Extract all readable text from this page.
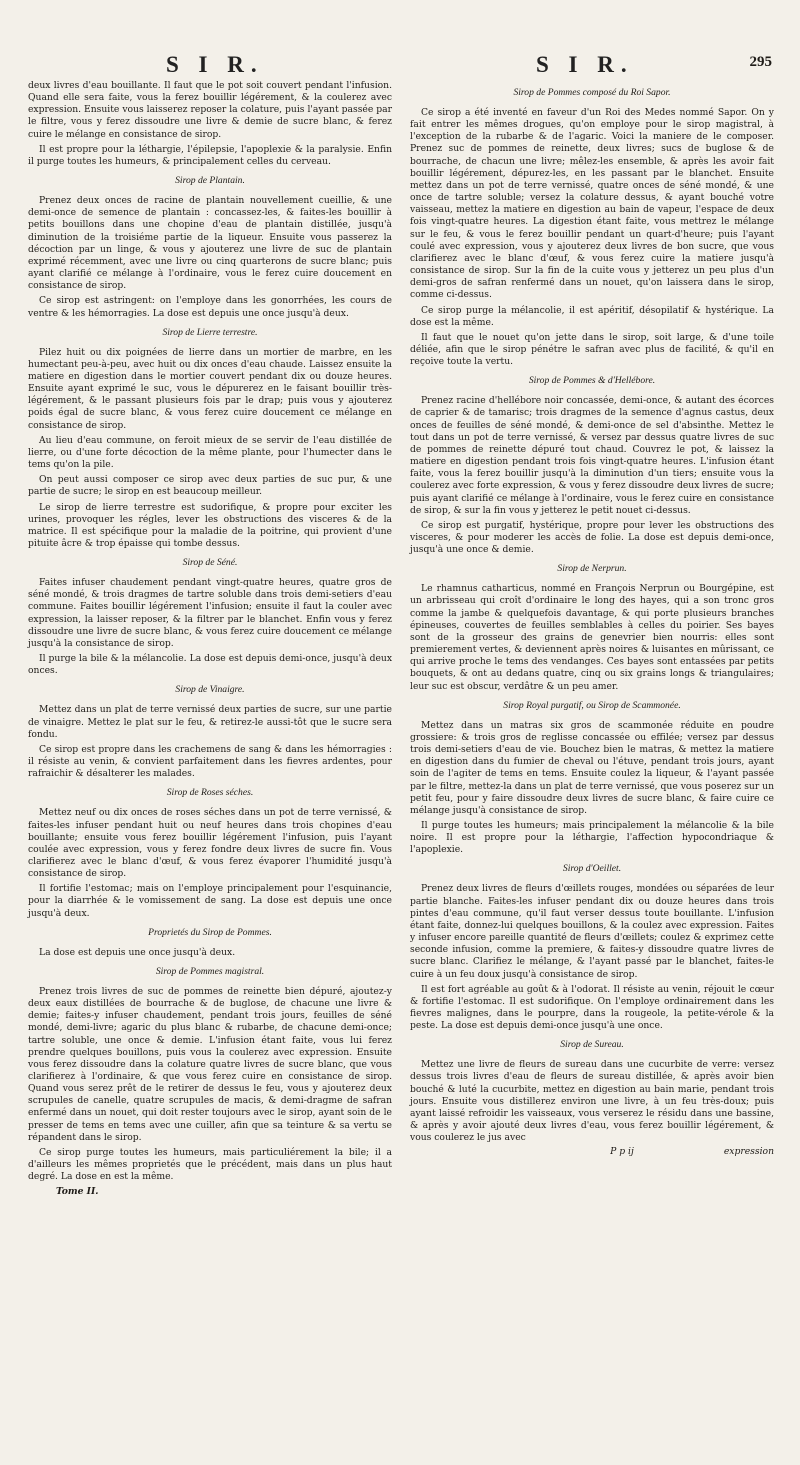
S I R.	S I R.	295

deux livres d'eau bouillante. Il faut que le pot soit couvert pendant l'infusion. Quand elle sera faite, vous la ferez bouillir légérement, & la coulerez avec expression. Ensuite vous laisserez reposer la colature, puis l'ayant passée par le filtre, vous y ferez dissoudre une livre & demie de sucre blanc, & ferez cuire le mélange en consistance de sirop.

Il est propre pour la léthargie, l'épilepsie, l'apoplexie & la paralysie. Enfin il purge toutes les humeurs, & principalement celles du cerveau.

Sirop de Plantain.

Prenez deux onces de racine de plantain nouvellement cueillie, & une demi-once de semence de plantain : concassez-les, & faites-les bouillir à petits bouillons dans une chopine d'eau de plantain distillée, jusqu'à diminution de la troisiéme partie de la liqueur. Ensuite vous passerez la décoction par un linge, & vous y ajouterez une livre de suc de plantain exprimé récemment, avec une livre ou cinq quarterons de sucre blanc; puis ayant clarifié ce mélange à l'ordinaire, vous le ferez cuire doucement en consistance de sirop.

Ce sirop est astringent: on l'employe dans les gonorrhées, les cours de ventre & les hémorragies. La dose est depuis une once jusqu'à deux.

Sirop de Lierre terrestre.

Pilez huit ou dix poignées de lierre dans un mortier de marbre, en les humectant peu-à-peu, avec huit ou dix onces d'eau chaude. Laissez ensuite la matiere en digestion dans le mortier couvert pendant dix ou douze heures. Ensuite ayant exprimé le suc, vous le dépurerez en le faisant bouillir très-légérement, & le passant plusieurs fois par le drap; puis vous y ajouterez poids égal de sucre blanc, & vous ferez cuire doucement ce mélange en consistance de sirop.

Au lieu d'eau commune, on feroit mieux de se servir de l'eau distillée de lierre, ou d'une forte décoction de la même plante, pour l'humecter dans le tems qu'on la pile.

On peut aussi composer ce sirop avec deux parties de suc pur, & une partie de sucre; le sirop en est beaucoup meilleur.

Le sirop de lierre terrestre est sudorifique, & propre pour exciter les urines, provoquer les régles, lever les obstructions des visceres & de la matrice. Il est spécifique pour la maladie de la poitrine, qui provient d'une pituite âcre & trop épaisse qui tombe dessus.

Sirop de Séné.

Faites infuser chaudement pendant vingt-quatre heures, quatre gros de séné mondé, & trois dragmes de tartre soluble dans trois demi-setiers d'eau commune. Faites bouillir légérement l'infusion; ensuite il faut la couler avec expression, la laisser reposer, & la filtrer par le blanchet. Enfin vous y ferez dissoudre une livre de sucre blanc, & vous ferez cuire doucement ce mélange jusqu'à la consistance de sirop.

Il purge la bile & la mélancolie. La dose est depuis demi-once, jusqu'à deux onces.

Sirop de Vinaigre.

Mettez dans un plat de terre vernissé deux parties de sucre, sur une partie de vinaigre. Mettez le plat sur le feu, & retirez-le aussi-tôt que le sucre sera fondu.

Ce sirop est propre dans les crachemens de sang & dans les hémorragies : il résiste au venin, & convient parfaitement dans les fievres ardentes, pour rafraichir & désalterer les malades.

Sirop de Roses séches.

Mettez neuf ou dix onces de roses séches dans un pot de terre vernissé, & faites-les infuser pendant huit ou neuf heures dans trois chopines d'eau bouillante; ensuite vous ferez bouillir légérement l'infusion, puis l'ayant coulée avec expression, vous y ferez fondre deux livres de sucre fin. Vous clarifierez avec le blanc d'œuf, & vous ferez évaporer l'humidité jusqu'à consistance de sirop.

Il fortifie l'estomac; mais on l'employe principalement pour l'esquinancie, pour la diarrhée & le vomissement de sang. La dose est depuis une once jusqu'à deux.

Proprietés du Sirop de Pommes.

La dose est depuis une once jusqu'à deux.

Sirop de Pommes magistral.

Prenez trois livres de suc de pommes de reinette bien dépuré, ajoutez-y deux eaux distillées de bourrache & de buglose, de chacune une livre & demie; faites-y infuser chaudement, pendant trois jours, feuilles de séné mondé, demi-livre; agaric du plus blanc & rubarbe, de chacune demi-once; tartre soluble, une once & demie. L'infusion étant faite, vous lui ferez prendre quelques bouillons, puis vous la coulerez avec expression. Ensuite vous ferez dissoudre dans la colature quatre livres de sucre blanc, que vous clarifierez à l'ordinaire, & que vous ferez cuire en consistance de sirop. Quand vous serez prêt de le retirer de dessus le feu, vous y ajouterez deux scrupules de canelle, quatre scrupules de macis, & demi-dragme de safran enfermé dans un nouet, qui doit rester toujours avec le sirop, ayant soin de le presser de tems en tems avec une cuiller, afin que sa teinture & sa vertu se répandent dans le sirop.

Ce sirop purge toutes les humeurs, mais particuliérement la bile; il a d'ailleurs les mêmes proprietés que le précédent, mais dans un plus haut degré. La dose en est la même.

Tome II.

Sirop de Pommes composé du Roi Sapor.

Ce sirop a été inventé en faveur d'un Roi des Medes nommé Sapor. On y fait entrer les mêmes drogues, qu'on employe pour le sirop magistral, à l'exception de la rubarbe & de l'agaric. Voici la maniere de le composer. Prenez suc de pommes de reinette, deux livres; sucs de buglose & de bourrache, de chacun une livre; mêlez-les ensemble, & après les avoir fait bouillir légérement, dépurez-les, en les passant par le blanchet. Ensuite mettez dans un pot de terre vernissé, quatre onces de séné mondé, & une once de tartre soluble; versez la colature dessus, & ayant bouché votre vaisseau, mettez la matiere en digestion au bain de vapeur, l'espace de deux fois vingt-quatre heures. La digestion étant faite, vous mettrez le mélange sur le feu, & vous le ferez bouillir pendant un quart-d'heure; puis l'ayant coulé avec expression, vous y ajouterez deux livres de bon sucre, que vous clarifierez avec le blanc d'œuf, & vous ferez cuire la matiere jusqu'à consistance de sirop. Sur la fin de la cuite vous y jetterez un peu plus d'un demi-gros de safran renfermé dans un nouet, qu'on laissera dans le sirop, comme ci-dessus.

Ce sirop purge la mélancolie, il est apéritif, désopilatif & hystérique. La dose est la même.

Il faut que le nouet qu'on jette dans le sirop, soit large, & d'une toile déliée, afin que le sirop pénétre le safran avec plus de facilité, & qu'il en reçoive toute la vertu.

Sirop de Pommes & d'Hellébore.

Prenez racine d'hellébore noir concassée, demi-once, & autant des écorces de caprier & de tamarisc; trois dragmes de la semence d'agnus castus, deux onces de feuilles de séné mondé, & demi-once de sel d'absinthe. Mettez le tout dans un pot de terre vernissé, & versez par dessus quatre livres de suc de pommes de reinette dépuré tout chaud. Couvrez le pot, & laissez la matiere en digestion pendant trois fois vingt-quatre heures. L'infusion étant faite, vous la ferez bouillir jusqu'à la diminution d'un tiers; ensuite vous la coulerez avec forte expression, & vous y ferez dissoudre deux livres de sucre; puis ayant clarifié ce mélange à l'ordinaire, vous le ferez cuire en consistance de sirop, & sur la fin vous y jetterez le petit nouet ci-dessus.

Ce sirop est purgatif, hystérique, propre pour lever les obstructions des visceres, & pour moderer les accès de folie. La dose est depuis demi-once, jusqu'à une once & demie.

Sirop de Nerprun.

Le rhamnus catharticus, nommé en François Nerprun ou Bourgépine, est un arbrisseau qui croît d'ordinaire le long des hayes, qui a son tronc gros comme la jambe & quelquefois davantage, & qui porte plusieurs branches épineuses, couvertes de feuilles semblables à celles du poirier. Ses bayes sont de la grosseur des grains de genevrier bien nourris: elles sont premierement vertes, & deviennent après noires & luisantes en mûrissant, ce qui arrive proche le tems des vendanges. Ces bayes sont entassées par petits bouquets, & ont au dedans quatre, cinq ou six grains longs & triangulaires; leur suc est obscur, verdâtre & un peu amer.

Sirop Royal purgatif, ou Sirop de Scammonée.

Mettez dans un matras six gros de scammonée réduite en poudre grossiere: & trois gros de reglisse concassée ou effilée; versez par dessus trois demi-setiers d'eau de vie. Bouchez bien le matras, & mettez la matiere en digestion dans du fumier de cheval ou l'étuve, pendant trois jours, ayant soin de l'agiter de tems en tems. Ensuite coulez la liqueur, & l'ayant passée par le filtre, mettez-la dans un plat de terre vernissé, que vous poserez sur un petit feu, pour y faire dissoudre deux livres de sucre blanc, & faire cuire ce mélange jusqu'à consistance de sirop.

Il purge toutes les humeurs; mais principalement la mélancolie & la bile noire. Il est propre pour la léthargie, l'affection hypocondriaque & l'apoplexie.

Sirop d'Oeillet.

Prenez deux livres de fleurs d'œillets rouges, mondées ou séparées de leur partie blanche. Faites-les infuser pendant dix ou douze heures dans trois pintes d'eau commune, qu'il faut verser dessus toute bouillante. L'infusion étant faite, donnez-lui quelques bouillons, & la coulez avec expression. Faites y infuser encore pareille quantité de fleurs d'œillets; coulez & exprimez cette seconde infusion, comme la premiere, & faites-y dissoudre quatre livres de sucre blanc. Clarifiez le mélange, & l'ayant passé par le blanchet, faites-le cuire à un feu doux jusqu'à consistance de sirop.

Il est fort agréable au goût & à l'odorat. Il résiste au venin, réjouit le cœur & fortifie l'estomac. Il est sudorifique. On l'employe ordinairement dans les fievres malignes, dans le pourpre, dans la rougeole, la petite-vérole & la peste. La dose est depuis demi-once jusqu'à une once.

Sirop de Sureau.

Mettez une livre de fleurs de sureau dans une cucurbite de verre: versez dessus trois livres d'eau de fleurs de sureau distillée, & après avoir bien bouché & luté la cucurbite, mettez en digestion au bain marie, pendant trois jours. Ensuite vous distillerez environ une livre, à un feu très-doux; puis ayant laissé refroidir les vaisseaux, vous verserez le résidu dans une bassine, & après y avoir ajouté deux livres d'eau, vous ferez bouillir légérement, & vous coulerez le jus avec

P p ij	expression
